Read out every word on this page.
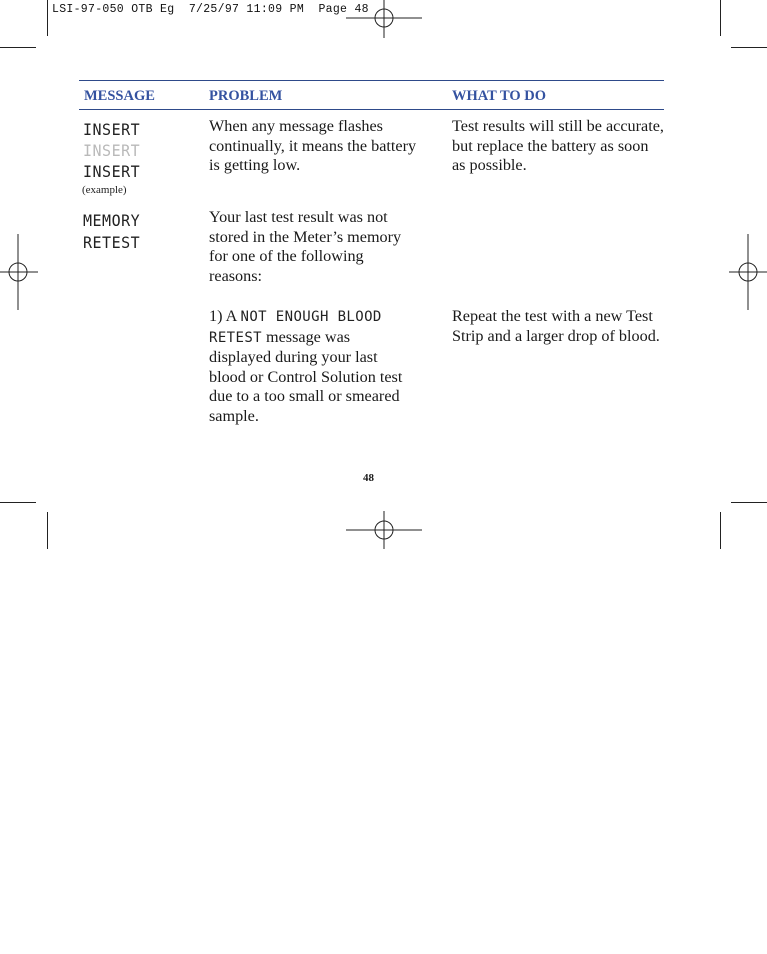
LSI-97-050 OTB Eg  7/25/97 11:09 PM  Page 48
MESSAGE	PROBLEM	WHAT TO DO
INSERT
INSERT
INSERT
(example)
When any message flashes continually, it means the battery is getting low.
Test results will still be accurate, but replace the battery as soon as possible.
MEMORY
RETEST
Your last test result was not stored in the Meter’s memory for one of the following reasons:
1) A NOT ENOUGH BLOOD RETEST message was displayed during your last blood or Control Solution test due to a too small or smeared sample.
Repeat the test with a new Test Strip and a larger drop of blood.
48
